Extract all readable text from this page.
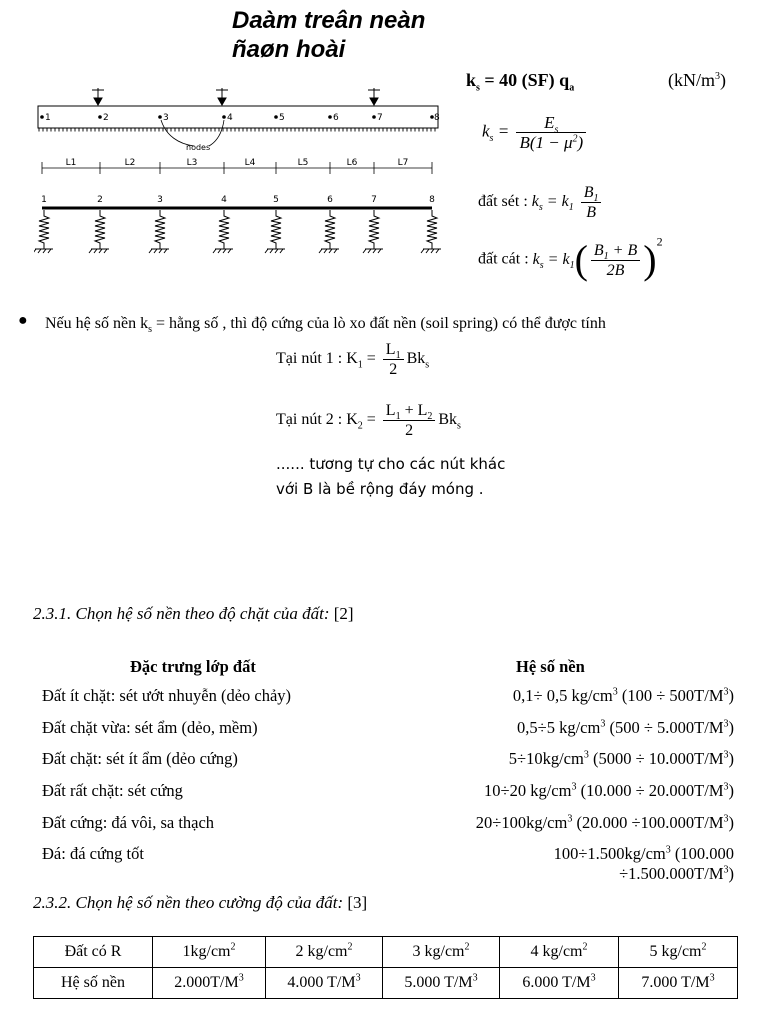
Daàm treân neàn
ñaøn hoài
$k_s = 40$ (SF) $q_a$	$(kN/m^3)$
1	2	3	4	5	6	7	8
nodes
L1	L2	L3	L4	L5	L6	L7
1	2	3	4	5	6	7	8
$k_s = \frac{E_s}{B(1 - \mu^2)}$
đất sét : $k_s = k_1 \frac{B_1}{B}$
đất cát : $k_s = k_1( \frac{B_1 + B}{2B} )^2$
● Nếu hệ số nền $k_s$ = hằng số , thì độ cứng của lò xo đất nền (soil spring) có thể được tính
Tại nút 1 : $K_1 = \frac{L_1}{2} Bk_s$
Tại nút 2 : $K_2 = \frac{L_1 + L_2}{2} Bk_s$
...... tương tự cho các nút khác
với B là bề rộng đáy móng .
2.3.1. Chọn hệ số nền theo độ chặt của đất: [2]
Đặc trưng lớp đất	Hệ số nền
Đất ít chặt: sét ướt nhuyễn (dẻo chảy)	0,1÷ 0,5 $kg/cm^3$ $(100 \div 500T/M^3)$
Đất chặt vừa: sét ẩm (dẻo, mềm)	0,5÷5 $kg/cm^3$ $(500 \div 5.000T/M^3)$
Đất chặt: sét ít ẩm (dẻo cứng)	$5\div 10kg/cm^3$ $(5000 \div 10.000T/M^3)$
Đất rất chặt: sét cứng	10÷20 $kg/cm^3$ $(10.000 \div 20.000T/M^3)$
Đất cứng: đá vôi, sa thạch	$20\div 100kg/cm^3$ $(20.000 \div 100.000T/M^3)$
Đá: đá cứng tốt	$100\div 1.500kg/cm^3$ (100.000
$\div 1.500.000T/M^3$)
2.3.2. Chọn hệ số nền theo cường độ của đất: [3]
Đất có R	$1kg/cm^2$	2 $kg/cm^2$	3 $kg/cm^2$	4 $kg/cm^2$	5 $kg/cm^2$
Hệ số nền	$2.000T/M^3$	4.000 $T/M^3$	5.000 $T/M^3$	6.000 $T/M^3$	7.000 $T/M^3$
